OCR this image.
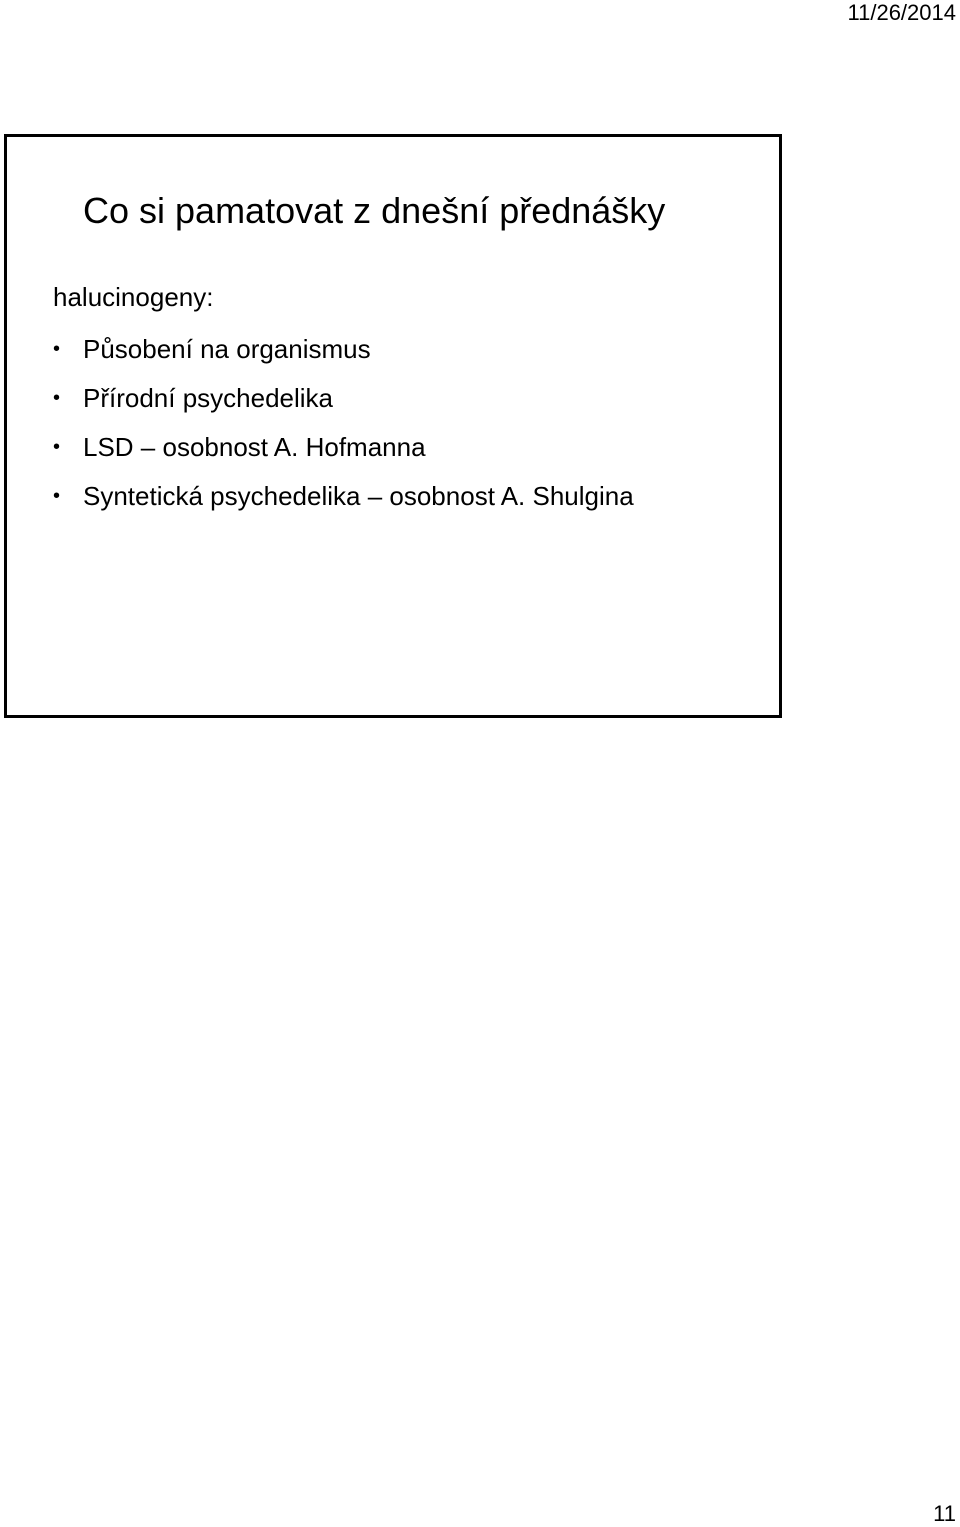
11/26/2014
Co si pamatovat z dnešní přednášky

halucinogeny:

• Působení na organismus
• Přírodní psychedelika
• LSD – osobnost A. Hofmanna
• Syntetická psychedelika – osobnost A. Shulgina
11
